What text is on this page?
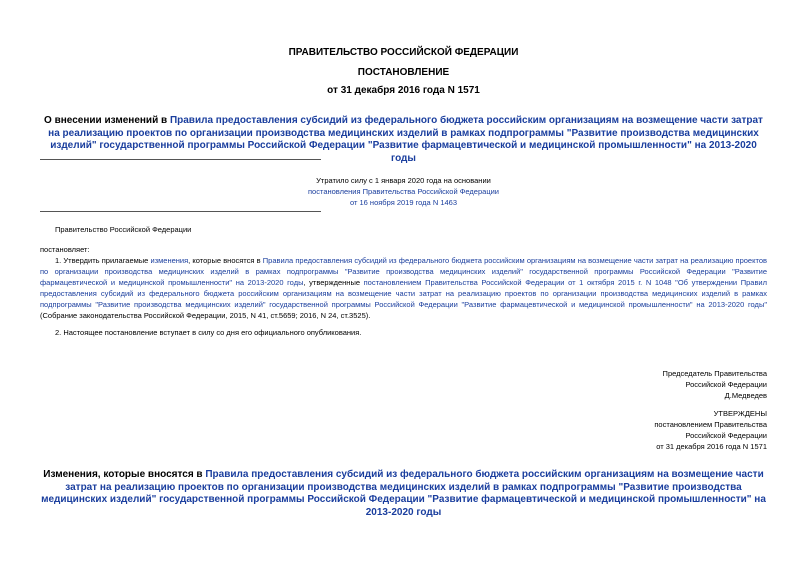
ПРАВИТЕЛЬСТВО РОССИЙСКОЙ ФЕДЕРАЦИИ
ПОСТАНОВЛЕНИЕ
от 31 декабря 2016 года N 1571
О внесении изменений в Правила предоставления субсидий из федерального бюджета российским организациям на возмещение части затрат на реализацию проектов по организации производства медицинских изделий в рамках подпрограммы "Развитие производства медицинских изделий" государственной программы Российской Федерации "Развитие фармацевтической и медицинской промышленности" на 2013-2020 годы
Утратило силу с 1 января 2020 года на основании
постановления Правительства Российской Федерации
от 16 ноября 2019 года N 1463
Правительство Российской Федерации
постановляет:

1. Утвердить прилагаемые изменения, которые вносятся в Правила предоставления субсидий из федерального бюджета российским организациям на возмещение части затрат на реализацию проектов по организации производства медицинских изделий в рамках подпрограммы "Развитие производства медицинских изделий" государственной программы Российской Федерации "Развитие фармацевтической и медицинской промышленности" на 2013-2020 годы, утвержденные постановлением Правительства Российской Федерации от 1 октября 2015 г. N 1048 "Об утверждении Правил предоставления субсидий из федерального бюджета российским организациям на возмещение части затрат на реализацию проектов по организации производства медицинских изделий в рамках подпрограммы "Развитие производства медицинских изделий" государственной программы Российской Федерации "Развитие фармацевтической и медицинской промышленности" на 2013-2020 годы" (Собрание законодательства Российской Федерации, 2015, N 41, ст.5659; 2016, N 24, ст.3525).

2. Настоящее постановление вступает в силу со дня его официального опубликования.
Председатель Правительства
Российской Федерации
Д.Медведев
УТВЕРЖДЕНЫ
постановлением Правительства
Российской Федерации
от 31 декабря 2016 года N 1571
Изменения, которые вносятся в Правила предоставления субсидий из федерального бюджета российским организациям на возмещение части затрат на реализацию проектов по организации производства медицинских изделий в рамках подпрограммы "Развитие производства медицинских изделий" государственной программы Российской Федерации "Развитие фармацевтической и медицинской промышленности" на 2013-2020 годы
